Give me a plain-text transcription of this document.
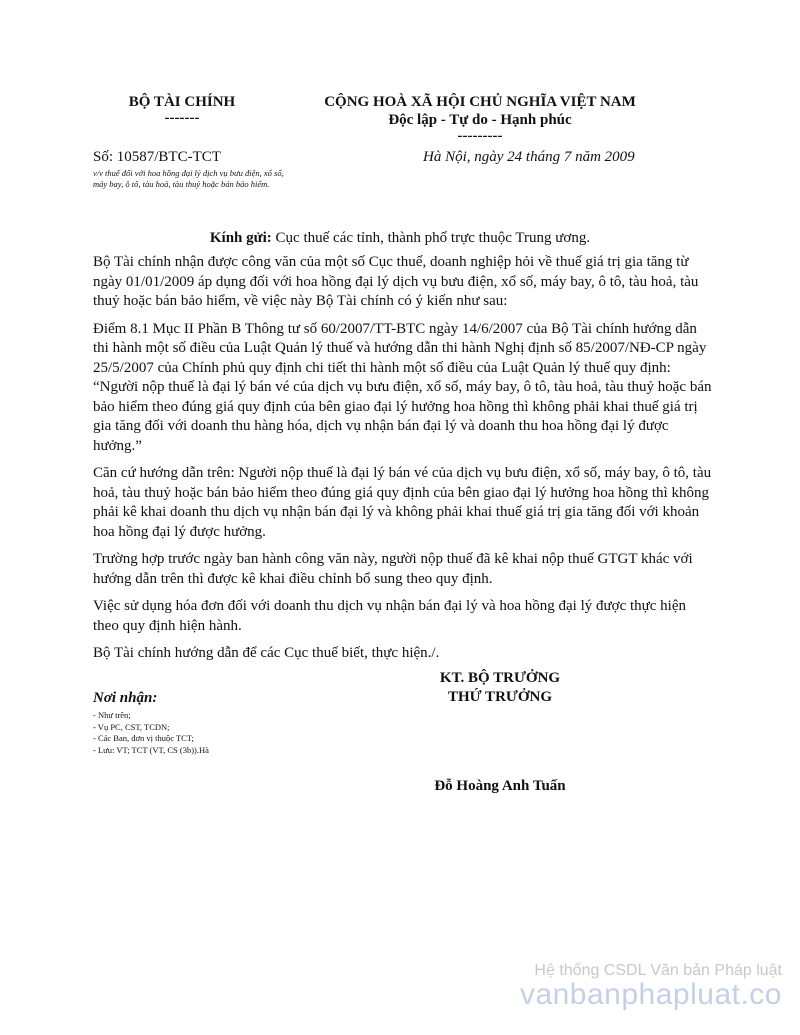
BỘ TÀI CHÍNH
-------
CỘNG HOÀ XÃ HỘI CHỦ NGHĨA VIỆT NAM
Độc lập - Tự do - Hạnh phúc
---------
Số: 10587/BTC-TCT
v/v thuế đối với hoa hồng đại lý dịch vụ bưu điện, xổ số, máy bay, ô tô, tàu hoả, tàu thuỷ hoặc bán bảo hiểm.
Hà Nội, ngày 24 tháng 7 năm 2009
Kính gửi: Cục thuế các tỉnh, thành phố trực thuộc Trung ương.

Bộ Tài chính nhận được công văn của một số Cục thuế, doanh nghiệp hỏi về thuế giá trị gia tăng từ ngày 01/01/2009 áp dụng đối với hoa hồng đại lý dịch vụ bưu điện, xổ số, máy bay, ô tô, tàu hoả, tàu thuỷ hoặc bán bảo hiểm, về việc này Bộ Tài chính có ý kiến như sau:

Điểm 8.1 Mục II Phần B Thông tư số 60/2007/TT-BTC ngày 14/6/2007 của Bộ Tài chính hướng dẫn thi hành một số điều của Luật Quản lý thuế và hướng dẫn thi hành Nghị định số 85/2007/NĐ-CP ngày 25/5/2007 của Chính phủ quy định chi tiết thi hành một số điều của Luật Quản lý thuế quy định: “Người nộp thuế là đại lý bán vé của dịch vụ bưu điện, xổ số, máy bay, ô tô, tàu hoả, tàu thuỷ hoặc bán bảo hiểm theo đúng giá quy định của bên giao đại lý hưởng hoa hồng thì không phải khai thuế giá trị gia tăng đối với doanh thu hàng hóa, dịch vụ nhận bán đại lý và doanh thu hoa hồng đại lý được hưởng.”

Căn cứ hướng dẫn trên: Người nộp thuế là đại lý bán vé của dịch vụ bưu điện, xổ số, máy bay, ô tô, tàu hoả, tàu thuỷ hoặc bán bảo hiểm theo đúng giá quy định của bên giao đại lý hưởng hoa hồng thì không phải kê khai doanh thu dịch vụ nhận bán đại lý và không phải khai thuế giá trị gia tăng đối với khoản hoa hồng đại lý được hưởng.

Trường hợp trước ngày ban hành công văn này, người nộp thuế đã kê khai nộp thuế GTGT khác với hướng dẫn trên thì được kê khai điều chỉnh bổ sung theo quy định.

Việc sử dụng hóa đơn đối với doanh thu dịch vụ nhận bán đại lý và hoa hồng đại lý được thực hiện theo quy định hiện hành.

Bộ Tài chính hướng dẫn để các Cục thuế biết, thực hiện./.

KT. BỘ TRƯỞNG
THỨ TRƯỞNG
Đỗ Hoàng Anh Tuấn
Nơi nhận:
- Như trên;
- Vụ PC, CST, TCDN;
- Các Ban, đơn vị thuộc TCT;
- Lưu: VT; TCT (VT, CS (3b)).Hà
Hệ thống CSDL Văn bản Pháp luật
vanbanphapluat.co
